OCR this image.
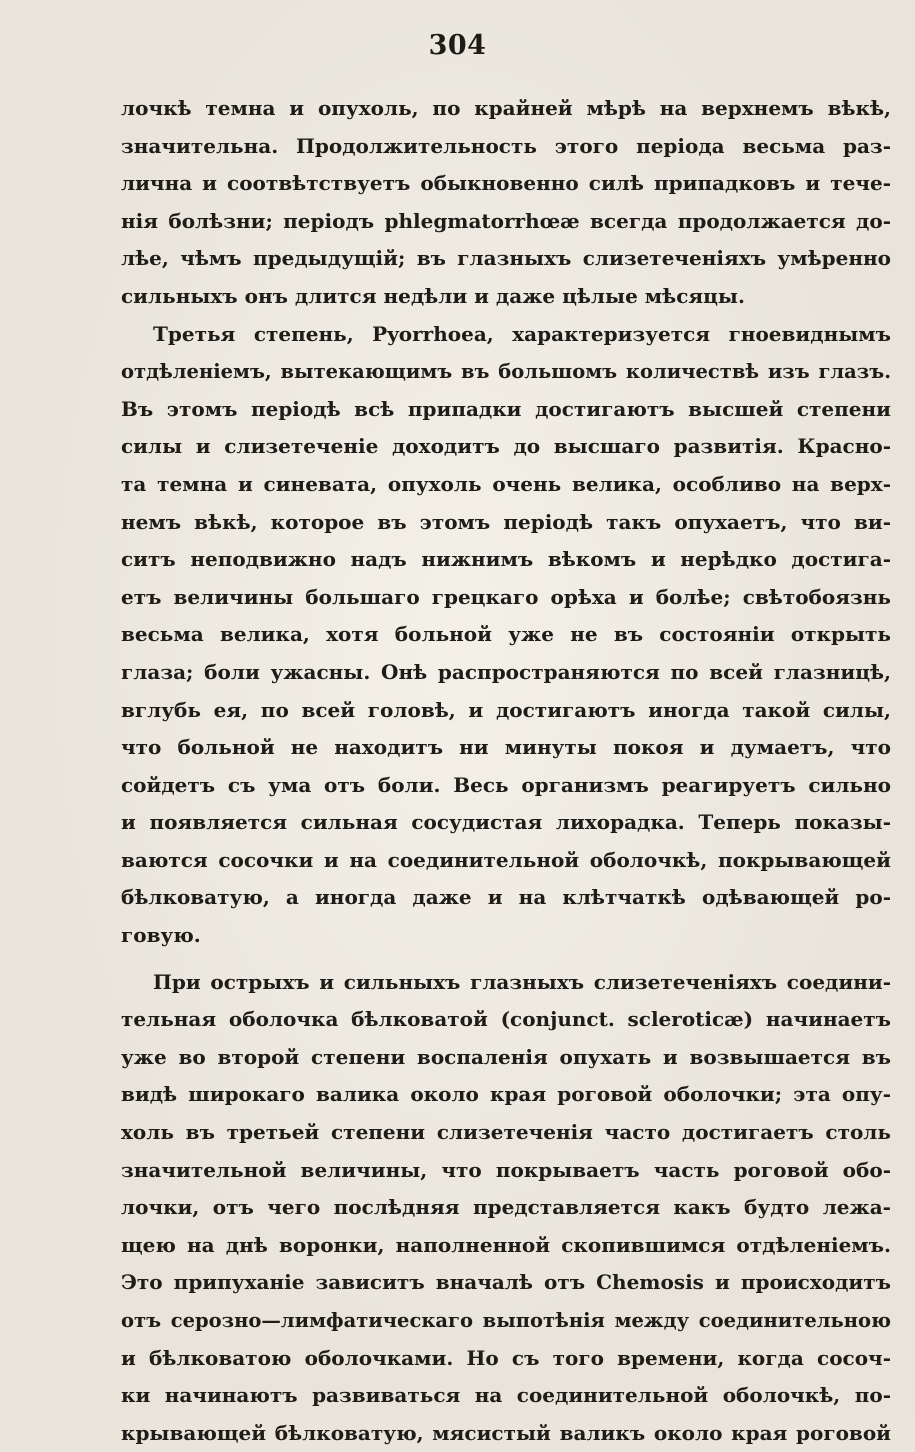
304
лочкѣ темна и опухоль, по крайней мѣрѣ на верхнемъ вѣкѣ,
значительна. Продолжительность этого періода весьма раз-
лична и соотвѣтствуетъ обыкновенно силѣ припадковъ и тече-
нія болѣзни; періодъ phlegmatorrhœæ всегда продолжается до-
лѣе, чѣмъ предыдущій; въ глазныхъ слизетеченіяхъ умѣренно
сильныхъ онъ длится недѣли и даже цѣлые мѣсяцы.
Третья степень, Pyorrhoea, характеризуется гноевиднымъ
отдѣленіемъ, вытекающимъ въ большомъ количествѣ изъ глазъ.
Въ этомъ періодѣ всѣ припадки достигаютъ высшей степени
силы и слизетеченіе доходитъ до высшаго развитія. Красно-
та темна и синевата, опухоль очень велика, особливо на верх-
немъ вѣкѣ, которое въ этомъ періодѣ такъ опухаетъ, что ви-
ситъ неподвижно надъ нижнимъ вѣкомъ и нерѣдко достига-
етъ величины большаго грецкаго орѣха и болѣе; свѣтобоязнь
весьма велика, хотя больной уже не въ состояніи открыть
глаза; боли ужасны. Онѣ распространяются по всей глазницѣ,
вглубь ея, по всей головѣ, и достигаютъ иногда такой силы,
что больной не находитъ ни минуты покоя и думаетъ, что
сойдетъ съ ума отъ боли. Весь организмъ реагируетъ сильно
и появляется сильная сосудистая лихорадка. Теперь показы-
ваются сосочки и на соединительной оболочкѣ, покрывающей
бѣлковатую, а иногда даже и на клѣтчаткѣ одѣвающей ро-
говую.
При острыхъ и сильныхъ глазныхъ слизетеченіяхъ соедини-
тельная оболочка бѣлковатой (conjunct. scleroticæ) начинаетъ
уже во второй степени воспаленія опухать и возвышается въ
видѣ широкаго валика около края роговой оболочки; эта опу-
холь въ третьей степени слизетеченія часто достигаетъ столь
значительной величины, что покрываетъ часть роговой обо-
лочки, отъ чего послѣдняя представляется какъ будто лежа-
щею на днѣ воронки, наполненной скопившимся отдѣленіемъ.
Это припуханіе зависитъ вначалѣ отъ Chemosis и происходитъ
отъ серозно—лимфатическаго выпотѣнія между соединительною
и бѣлковатою оболочками. Но съ того времени, когда сосоч-
ки начинаютъ развиваться на соединительной оболочкѣ, по-
крывающей бѣлковатую, мясистый валикъ около края роговой
